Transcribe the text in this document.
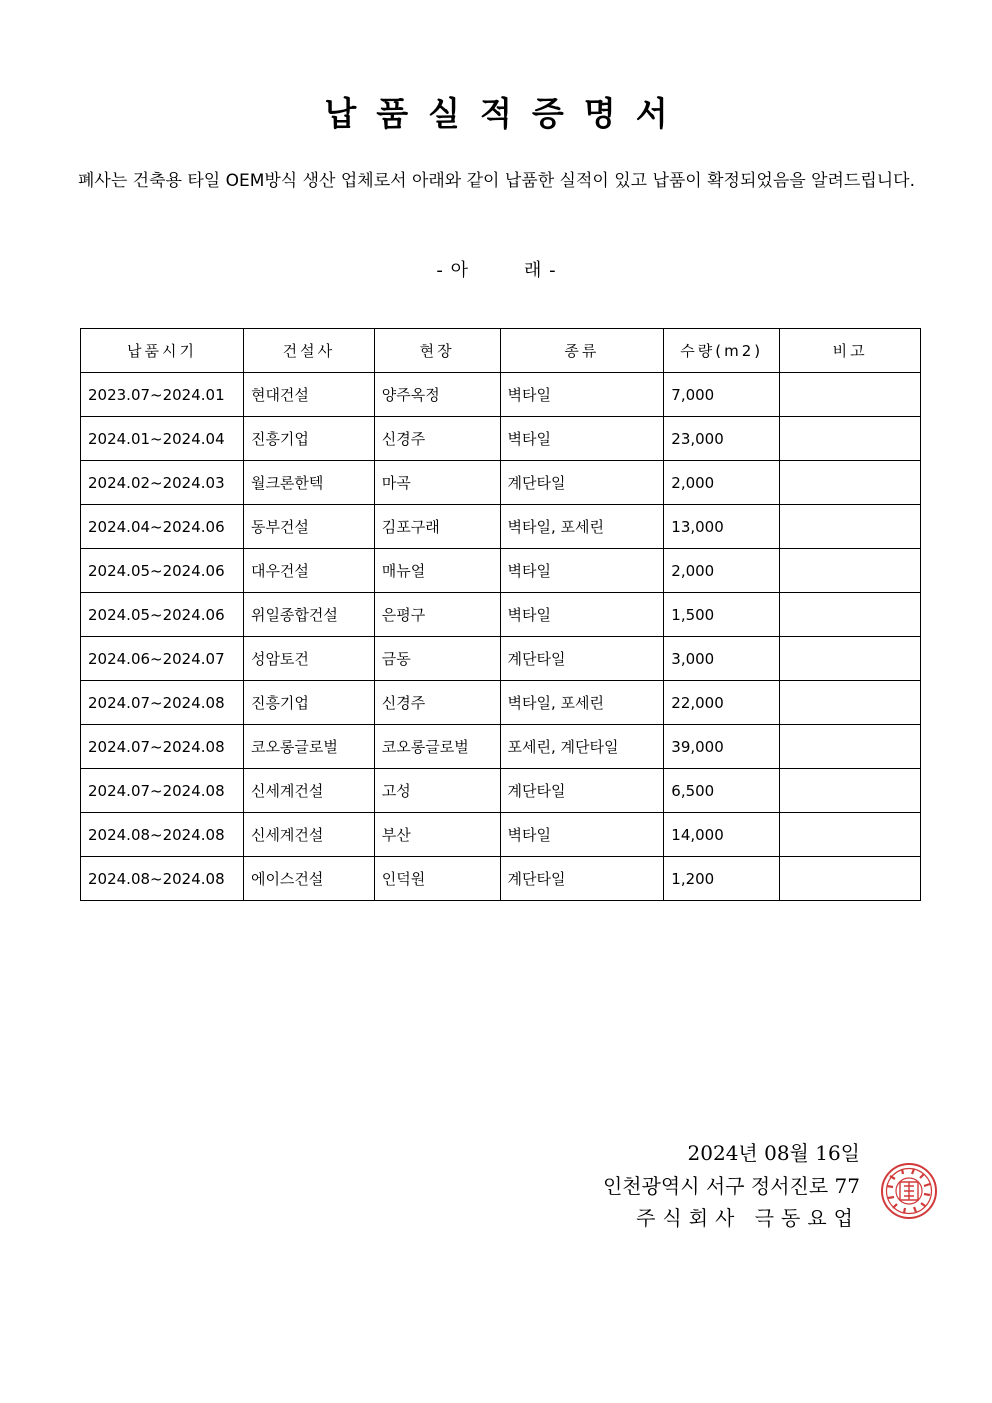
납품실적증명서
폐사는 건축용 타일 OEM방식 생산 업체로서 아래와 같이 납품한 실적이 있고 납품이 확정되었음을 알려드립니다.
- 아	래 -
납품시기	건설사	현장	종류	수량(m2)	비고
2023.07~2024.01	현대건설	양주옥정	벽타일	7,000	
2024.01~2024.04	진흥기업	신경주	벽타일	23,000	
2024.02~2024.03	월크론한텍	마곡	계단타일	2,000	
2024.04~2024.06	동부건설	김포구래	벽타일, 포세린	13,000	
2024.05~2024.06	대우건설	매뉴얼	벽타일	2,000	
2024.05~2024.06	위일종합건설	은평구	벽타일	1,500	
2024.06~2024.07	성암토건	금동	계단타일	3,000	
2024.07~2024.08	진흥기업	신경주	벽타일, 포세린	22,000	
2024.07~2024.08	코오롱글로벌	코오롱글로벌	포세린, 계단타일	39,000	
2024.07~2024.08	신세계건설	고성	계단타일	6,500	
2024.08~2024.08	신세계건설	부산	벽타일	14,000	
2024.08~2024.08	에이스건설	인덕원	계단타일	1,200	
2024년 08월 16일
인천광역시 서구 정서진로 77
주식회사 극동요업
